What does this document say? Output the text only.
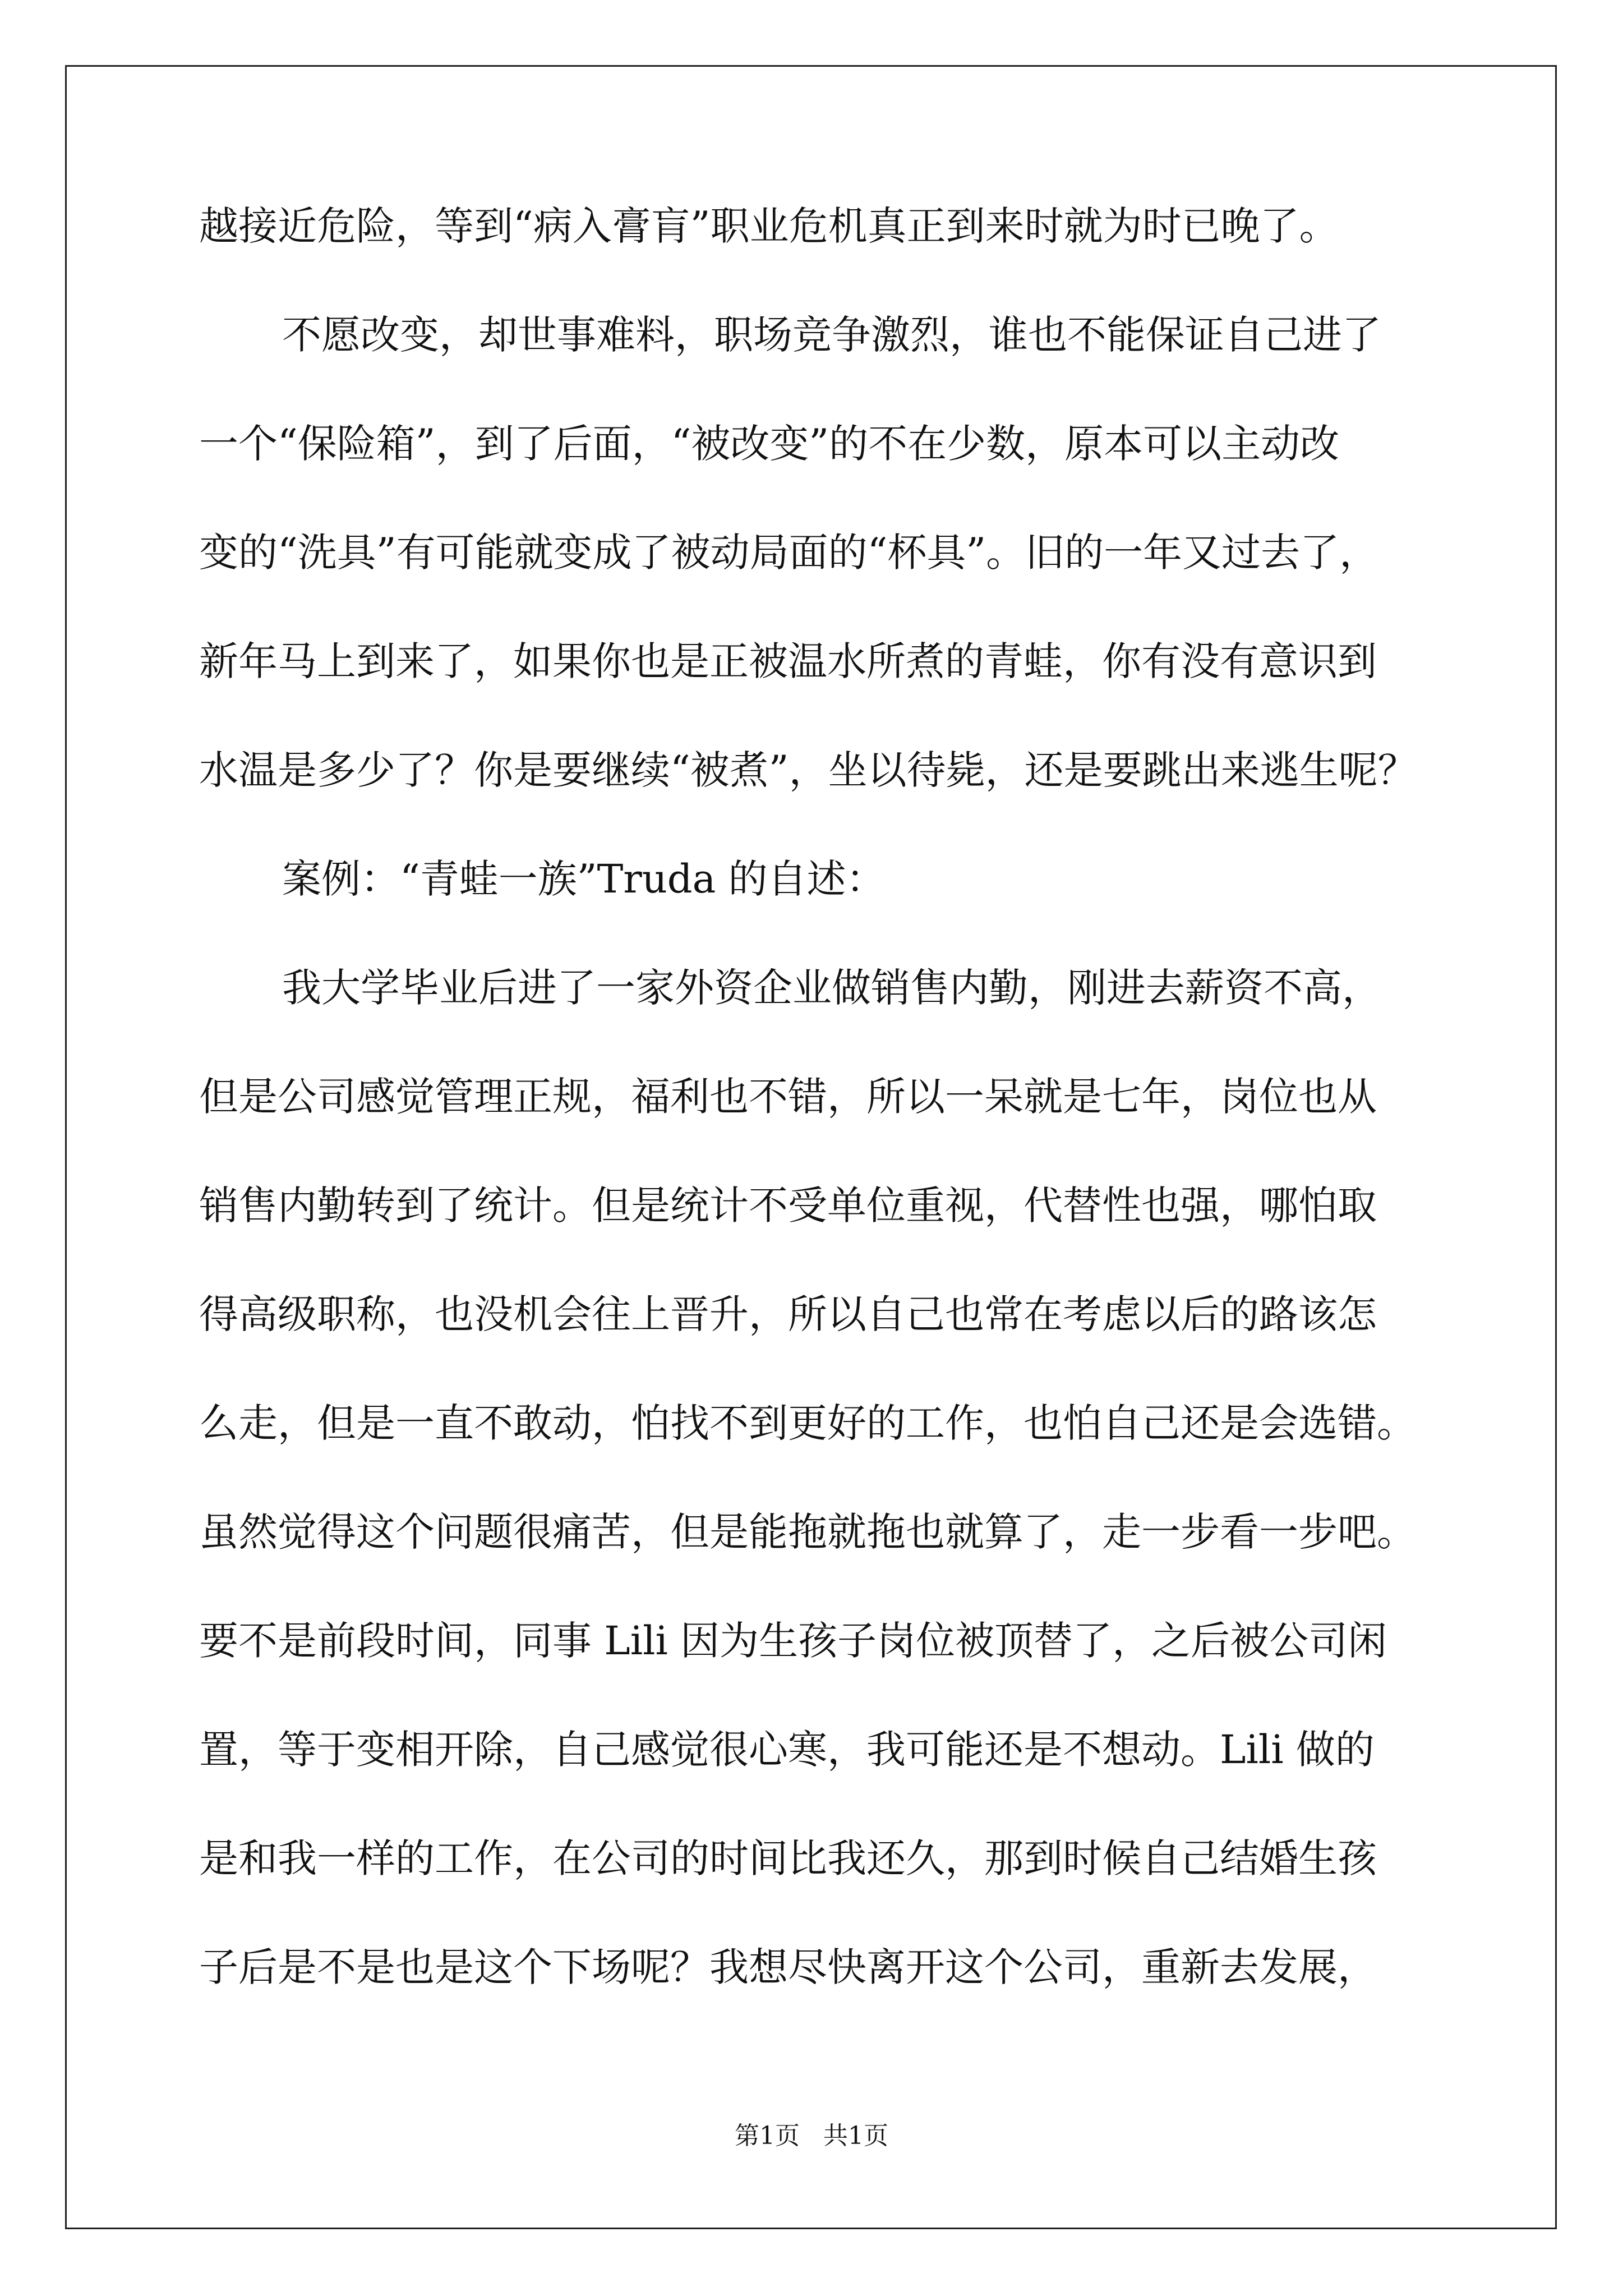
越接近危险，等到“病入膏肓”职业危机真正到来时就为时已晚了。
不愿改变，却世事难料，职场竞争激烈，谁也不能保证自己进了
一个“保险箱”，到了后面，“被改变”的不在少数，原本可以主动改
变的“洗具”有可能就变成了被动局面的“杯具”。旧的一年又过去了，
新年马上到来了，如果你也是正被温水所煮的青蛙，你有没有意识到
水温是多少了？你是要继续“被煮”，坐以待毙，还是要跳出来逃生呢？
案例：“青蛙一族”Truda 的自述：
我大学毕业后进了一家外资企业做销售内勤，刚进去薪资不高，
但是公司感觉管理正规，福利也不错，所以一呆就是七年，岗位也从
销售内勤转到了统计。但是统计不受单位重视，代替性也强，哪怕取
得高级职称，也没机会往上晋升，所以自己也常在考虑以后的路该怎
么走，但是一直不敢动，怕找不到更好的工作，也怕自己还是会选错。
虽然觉得这个问题很痛苦，但是能拖就拖也就算了，走一步看一步吧。
要不是前段时间，同事 Lili 因为生孩子岗位被顶替了，之后被公司闲
置，等于变相开除，自己感觉很心寒，我可能还是不想动。Lili 做的
是和我一样的工作，在公司的时间比我还久，那到时候自己结婚生孩
子后是不是也是这个下场呢？我想尽快离开这个公司，重新去发展，
第1页   共1页
